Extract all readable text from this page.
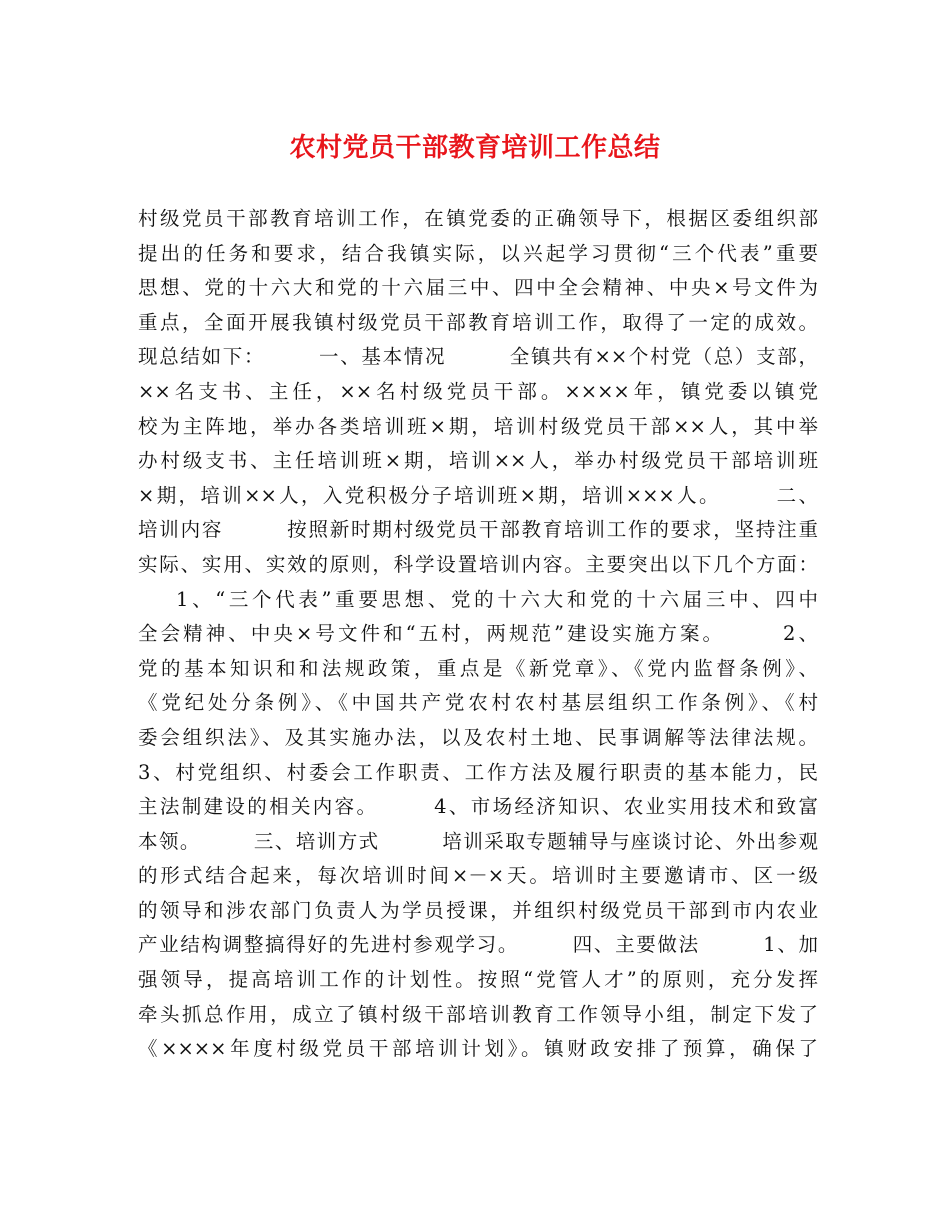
农村党员干部教育培训工作总结
村级党员干部教育培训工作，在镇党委的正确领导下，根据区委组织部
提出的任务和要求，结合我镇实际，以兴起学习贯彻“三个代表”重要
思想、党的十六大和党的十六届三中、四中全会精神、中央×号文件为
重点，全面开展我镇村级党员干部教育培训工作，取得了一定的成效。
现总结如下：　　　一、基本情况　　　全镇共有××个村党（总）支部，
××名支书、主任，××名村级党员干部。××××年，镇党委以镇党
校为主阵地，举办各类培训班×期，培训村级党员干部××人，其中举
办村级支书、主任培训班×期，培训××人，举办村级党员干部培训班
×期，培训××人，入党积极分子培训班×期，培训×××人。　　　二、
培训内容　　　按照新时期村级党员干部教育培训工作的要求，坚持注重
实际、实用、实效的原则，科学设置培训内容。主要突出以下几个方面：
1、“三个代表”重要思想、党的十六大和党的十六届三中、四中
全会精神、中央×号文件和“五村，两规范”建设实施方案。　　　2、
党的基本知识和和法规政策，重点是《新党章》、《党内监督条例》、
《党纪处分条例》、《中国共产党农村农村基层组织工作条例》、《村
委会组织法》、及其实施办法，以及农村土地、民事调解等法律法规。
3、村党组织、村委会工作职责、工作方法及履行职责的基本能力，民
主法制建设的相关内容。　　　4、市场经济知识、农业实用技术和致富
本领。　　　三、培训方式　　　培训采取专题辅导与座谈讨论、外出参观
的形式结合起来，每次培训时间×－×天。培训时主要邀请市、区一级
的领导和涉农部门负责人为学员授课，并组织村级党员干部到市内农业
产业结构调整搞得好的先进村参观学习。　　　四、主要做法　　　1、加
强领导，提高培训工作的计划性。按照“党管人才”的原则，充分发挥
牵头抓总作用，成立了镇村级干部培训教育工作领导小组，制定下发了
《××××年度村级党员干部培训计划》。镇财政安排了预算，确保了
